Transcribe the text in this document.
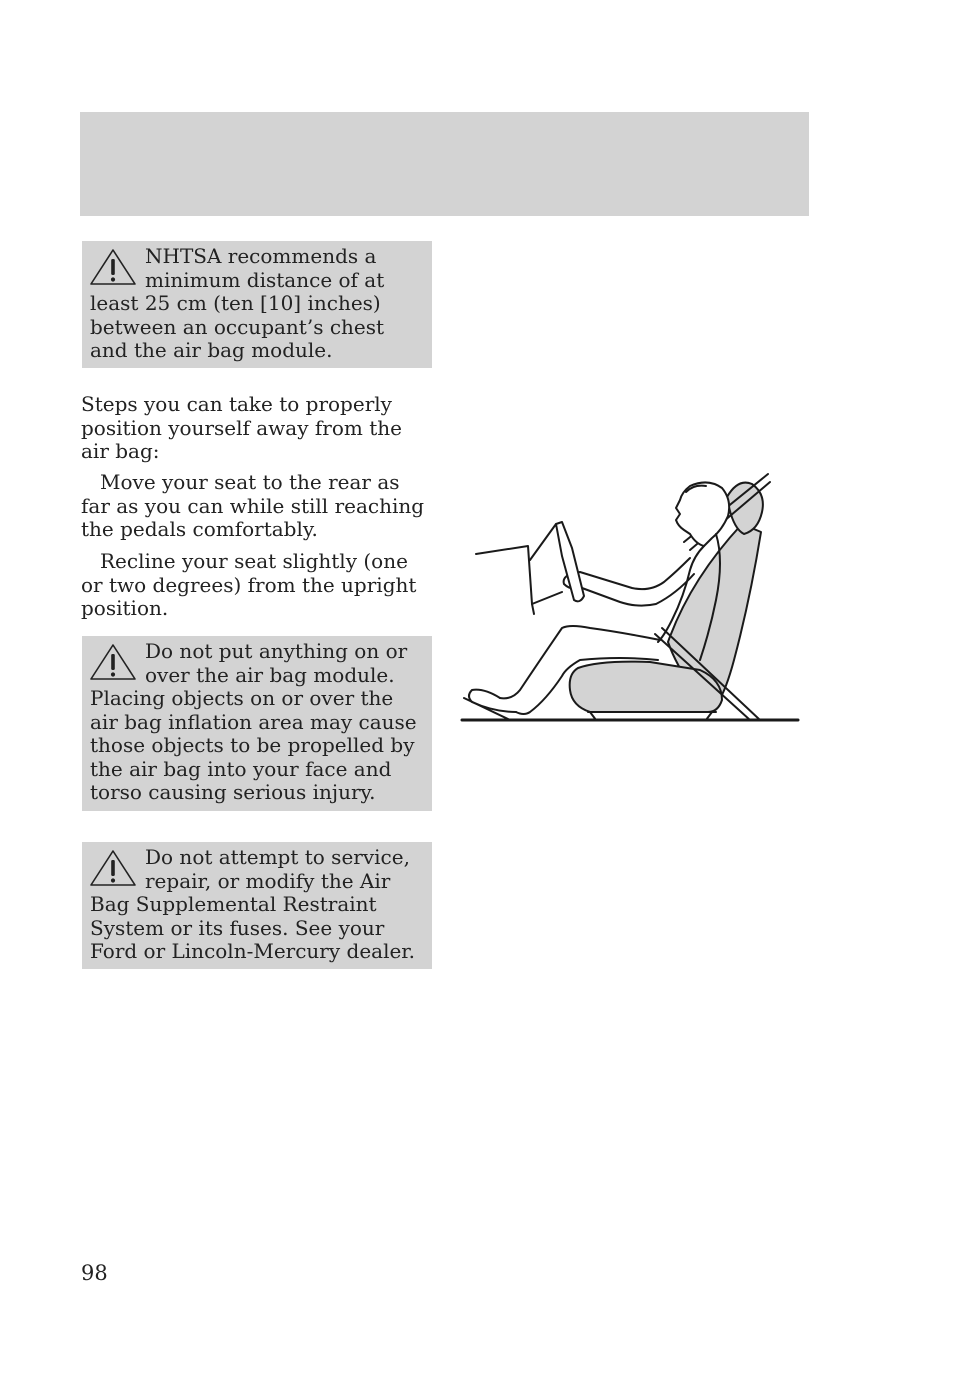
NHTSA recommends a minimum distance of at least 25 cm (ten [10] inches) between an occupant’s chest and the air bag module.

Steps you can take to properly position yourself away from the air bag:

Move your seat to the rear as far as you can while still reaching the pedals comfortably.

Recline your seat slightly (one or two degrees) from the upright position.

Do not put anything on or over the air bag module. Placing objects on or over the air bag inflation area may cause those objects to be propelled by the air bag into your face and torso causing serious injury.

Do not attempt to service, repair, or modify the Air Bag Supplemental Restraint System or its fuses. See your Ford or Lincoln-Mercury dealer.

98
